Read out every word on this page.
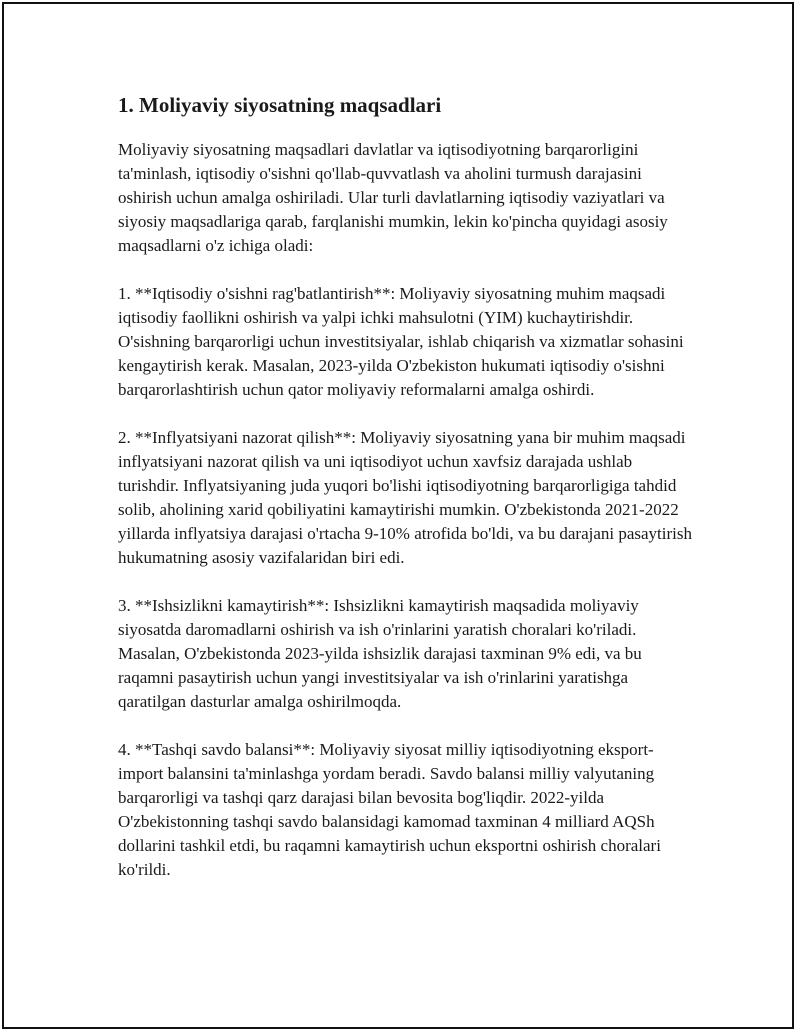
1. Moliyaviy siyosatning maqsadlari

Moliyaviy siyosatning maqsadlari davlatlar va iqtisodiyotning barqarorligini ta'minlash, iqtisodiy o'sishni qo'llab-quvvatlash va aholini turmush darajasini oshirish uchun amalga oshiriladi. Ular turli davlatlarning iqtisodiy vaziyatlari va siyosiy maqsadlariga qarab, farqlanishi mumkin, lekin ko'pincha quyidagi asosiy maqsadlarni o'z ichiga oladi:

1. **Iqtisodiy o'sishni rag'batlantirish**: Moliyaviy siyosatning muhim maqsadi iqtisodiy faollikni oshirish va yalpi ichki mahsulotni (YIM) kuchaytirishdir. O'sishning barqarorligi uchun investitsiyalar, ishlab chiqarish va xizmatlar sohasini kengaytirish kerak. Masalan, 2023-yilda O'zbekiston hukumati iqtisodiy o'sishni barqarorlashtirish uchun qator moliyaviy reformalarni amalga oshirdi.

2. **Inflyatsiyani nazorat qilish**: Moliyaviy siyosatning yana bir muhim maqsadi inflyatsiyani nazorat qilish va uni iqtisodiyot uchun xavfsiz darajada ushlab turishdir. Inflyatsiyaning juda yuqori bo'lishi iqtisodiyotning barqarorligiga tahdid solib, aholining xarid qobiliyatini kamaytirishi mumkin. O'zbekistonda 2021-2022 yillarda inflyatsiya darajasi o'rtacha 9-10% atrofida bo'ldi, va bu darajani pasaytirish hukumatning asosiy vazifalaridan biri edi.

3. **Ishsizlikni kamaytirish**: Ishsizlikni kamaytirish maqsadida moliyaviy siyosatda daromadlarni oshirish va ish o'rinlarini yaratish choralari ko'riladi. Masalan, O'zbekistonda 2023-yilda ishsizlik darajasi taxminan 9% edi, va bu raqamni pasaytirish uchun yangi investitsiyalar va ish o'rinlarini yaratishga qaratilgan dasturlar amalga oshirilmoqda.

4. **Tashqi savdo balansi**: Moliyaviy siyosat milliy iqtisodiyotning eksport-import balansini ta'minlashga yordam beradi. Savdo balansi milliy valyutaning barqarorligi va tashqi qarz darajasi bilan bevosita bog'liqdir. 2022-yilda O'zbekistonning tashqi savdo balansidagi kamomad taxminan 4 milliard AQSh dollarini tashkil etdi, bu raqamni kamaytirish uchun eksportni oshirish choralari ko'rildi.
